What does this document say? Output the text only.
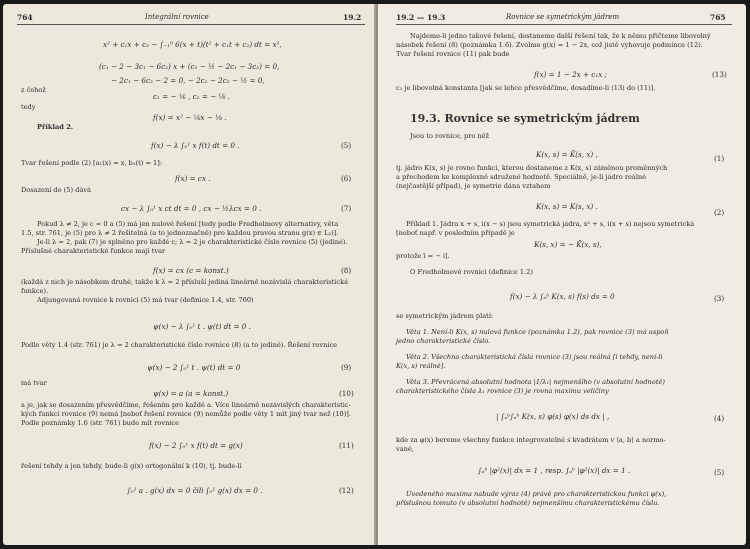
764	Integrální rovnice	19.2
x² + c₁x + c₂ − ∫₋₁⁰ 6(x + t)(t² + c₁t + c₂) dt = x²,
(c₁ − 2 − 3c₁ − 6c₂) x + (c₂ − ½ − 2c₁ − 3c₂) = 0,
− 2c₁ − 6c₂ − 2 = 0, − 2c₁ − 2c₂ − ½ = 0,
z čehož
c₁ = − ⅙ , c₂ = − ⅛ ,
tedy
f(x) = x² − ⅙x − ⅛ .
Příklad 2.
f(x) − λ ∫₀¹ x f(t) dt = 0 .	(5)
Tvar řešení podle (2) [a₁(x) = x, b₁(t) = 1]:
f(x) = cx .	(6)
Dosazení do (5) dává
cx − λ ∫₀¹ x ct dt = 0 , cx − ½λcx = 0 .	(7)
Pokud λ ≠ 2, je c = 0 a (5) má jen nulové řešení [tedy podle Fredholmovy alternativy, věta
1.5, str. 761, je (5) pro λ ≠ 2 řešitelná (a to jednoznačně) pro každou pravou stranu g(x) ∈ L₂)].
Je-li λ = 2, pak (7) je splněno pro každé c; λ = 2 je charakteristické číslo rovnice (5) (jediné).
Příslušné charakteristické funkce mají tvar
f(x) = cx (c = konst.)	(8)
(každá z nich je násobkem druhé, takže k λ = 2 přísluší jediná lineárně nezávislá charakteristická
funkce).
Adjungovaná rovnice k rovnici (5) má tvar (definice 1.4, str. 760)
ψ(x) − λ ∫₀¹ t . ψ(t) dt = 0 .
Podle věty 1.4 (str. 761) je λ = 2 charakteristické číslo rovnice (8) (a to jediné). Řešení rovnice
ψ(x) − 2 ∫₀¹ t . ψ(t) dt = 0	(9)
má tvar
ψ(x) = a (a = konst.)	(10)
a je, jak se dosazením přesvědčíme, řešením pro každé a. Více lineárně nezávislých charakteristic-
kých funkcí rovnice (9) nemá [neboť řešení rovnice (9) nemůže podle věty 1 mít jiný tvar než (10)].
Podle poznámky 1.6 (str. 761) bude mít rovnice
f(x) − 2 ∫₀¹ x f(t) dt = g(x)	(11)
řešení tehdy a jen tehdy, bude-li g(x) ortogonální k (10), tj. bude-li
∫₀¹ a . g(x) dx = 0 čili ∫₀¹ g(x) dx = 0 .	(12)
19.2 — 19.3	Rovnice se symetrickým jádrem	765
Najdeme-li jedno takové řešení, dostaneme další řešení tak, že k němu přičteme libovolný
násobek řešení (8) (poznámka 1.6). Zvolme g(x) = 1 − 2x, což jistě vyhovuje podmínce (12).
Tvar řešení rovnice (11) pak bude
f(x) = 1 − 2x + c₁x ;	(13)
c₁ je libovolná konstanta [jak se lehce přesvědčíme, dosadíme-li (13) do (11)].
19.3. Rovnice se symetrickým jádrem
Jsou to rovnice, pro něž
K(x, s) = K̄(s, x) ,	(1)
tj. jádro K(x, s) je rovno funkci, kterou dostaneme z K(x, s) záměnou proměnných
a přechodem ke komplexně sdružené hodnotě. Speciálně, je-li jádro reálné
(nejčastější případ), je symetrie dána vztahem
K(x, s) = K(s, x) .
(2)
Příklad 1. Jádra x + s, i(x − s) jsou symetrická jádra, x² + s, i(x + s) nejsou symetrická
[neboť např. v posledním případě je
K(s, x) = − K̄(x, s),
protože ī = − i].
O Fredholmově rovnici (definice 1.2)
f(x) − λ ∫ₐᵇ K(x, s) f(s) ds = 0	(3)
se symetrickým jádrem platí:
Věta 1. Není-li K(x, s) nulová funkce (poznámka 1.2), pak rovnice (3) má aspoň
jedno charakteristické číslo.
Věta 2. Všechna charakteristická čísla rovnice (3) jsou reálná [i tehdy, není-li
K(x, s) reálné].
Věta 3. Převrácená absolutní hodnota |1/λ₁| nejmenšího (v absolutní hodnotě)
charakteristického čísla λ₁ rovnice (3) je rovna maximu veličiny
| ∫ₐᵇ∫ₐᵇ K(x, s) φ(s) φ(x) ds dx | ,	(4)
kde za φ(x) bereme všechny funkce integrovatelné s kvadrátem v ⟨a, b⟩ a normo-
vané,
∫ₐᵇ |φ²(x)| dx = 1 , resp. ∫ₐᵇ |φ²(x)| dx = 1 .	(5)
Uvedeného maxima nabude výraz (4) právě pro charakteristickou funkci φ(x),
příslušnou tomuto (v absolutní hodnotě) nejmenšímu charakteristickému číslu.
